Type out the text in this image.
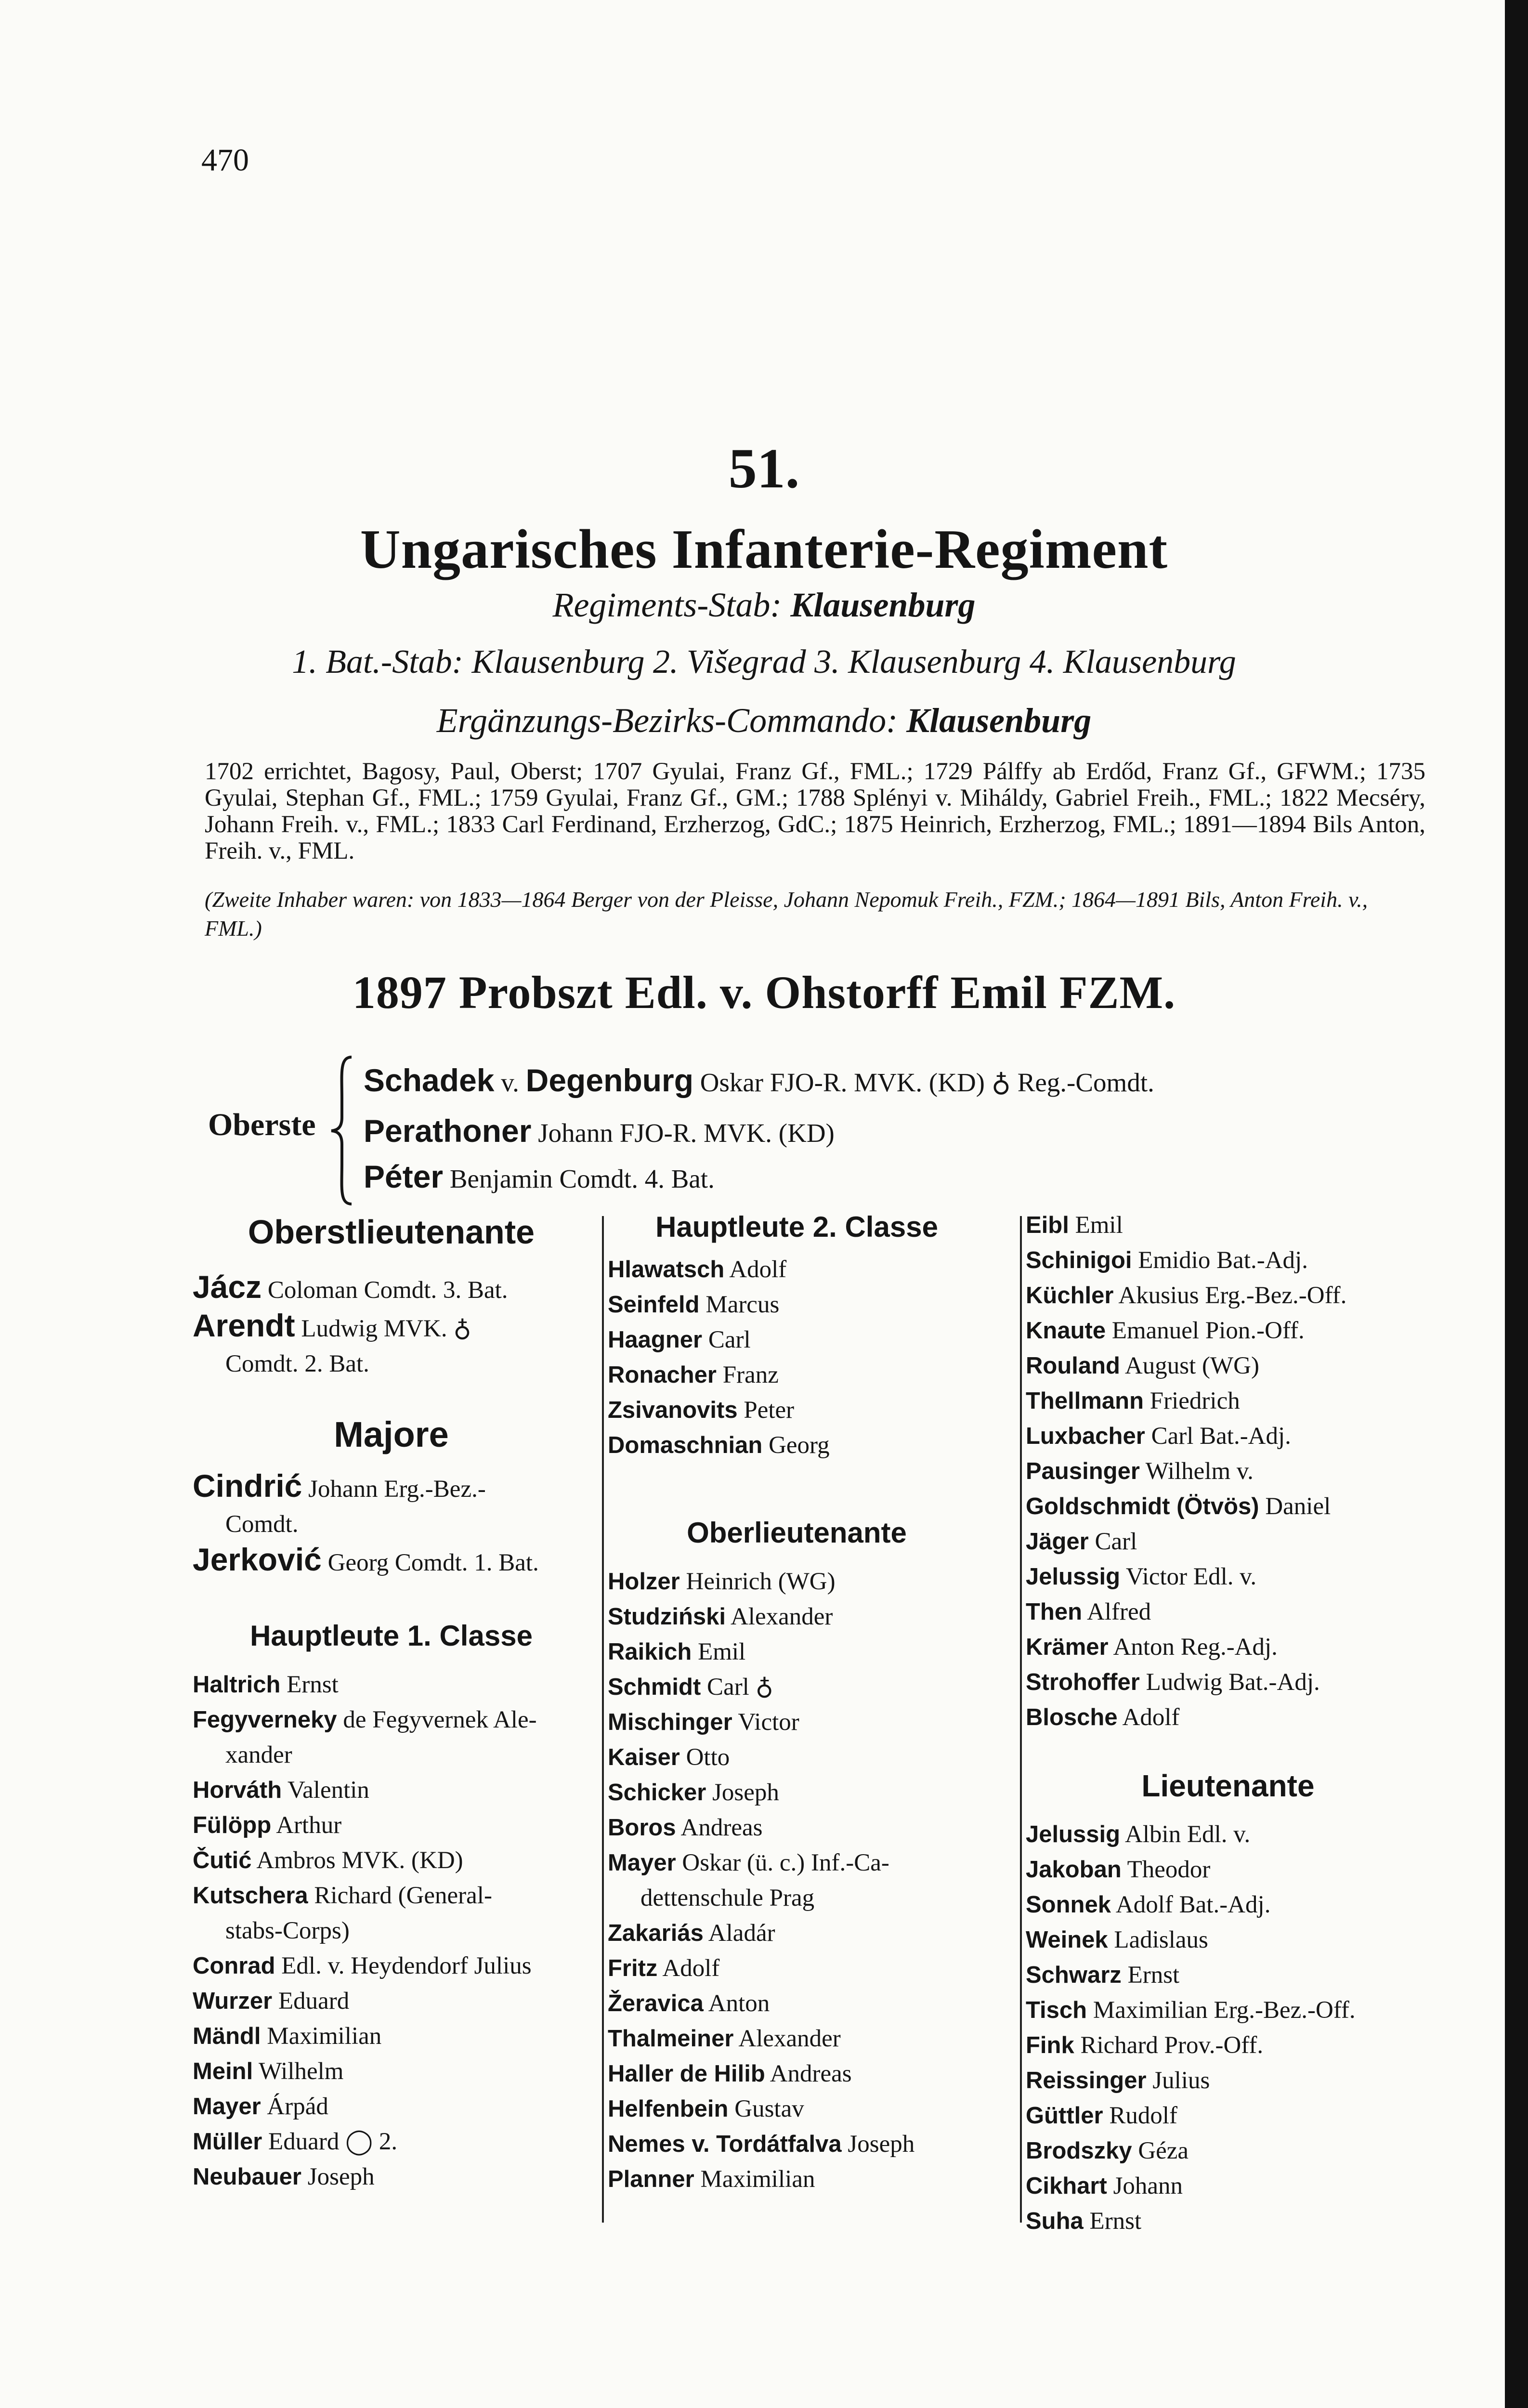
470
51.
Ungarisches Infanterie-Regiment
Regiments-Stab: Klausenburg
1. Bat.-Stab: Klausenburg 2. Višegrad 3. Klausenburg 4. Klausenburg
Ergänzungs-Bezirks-Commando: Klausenburg
1702 errichtet, Bagosy, Paul, Oberst; 1707 Gyulai, Franz Gf., FML.; 1729 Pálffy ab Erdőd, Franz Gf., GFWM.; 1735 Gyulai, Stephan Gf., FML.; 1759 Gyulai, Franz Gf., GM.; 1788 Splényi v. Miháldy, Gabriel Freih., FML.; 1822 Mecséry, Johann Freih. v., FML.; 1833 Carl Ferdinand, Erzherzog, GdC.; 1875 Heinrich, Erzherzog, FML.; 1891—1894 Bils Anton, Freih. v., FML.
(Zweite Inhaber waren: von 1833—1864 Berger von der Pleisse, Johann Nepomuk Freih., FZM.; 1864—1891 Bils, Anton Freih. v., FML.)
1897 Probszt Edl. v. Ohstorff Emil FZM.
Oberste
Schadek v. Degenburg Oskar FJO-R. MVK. (KD) ♁ Reg.-Comdt.
Perathoner Johann FJO-R. MVK. (KD)
Péter Benjamin Comdt. 4. Bat.
Oberstlieutenante

Jácz Coloman Comdt. 3. Bat.

Arendt Ludwig MVK. ♁

Comdt. 2. Bat.

Majore

Cindrić Johann Erg.-Bez.-

Comdt.

Jerković Georg Comdt. 1. Bat.

Hauptleute 1. Classe

Haltrich Ernst

Fegyverneky de Fegyvernek Ale-

xander

Horváth Valentin

Fülöpp Arthur

Čutić Ambros MVK. (KD)

Kutschera Richard (General-

stabs-Corps)

Conrad Edl. v. Heydendorf Julius

Wurzer Eduard

Mändl Maximilian

Meinl Wilhelm

Mayer Árpád

Müller Eduard ◯ 2.

Neubauer Joseph

Hauptleute 2. Classe

Hlawatsch Adolf

Seinfeld Marcus

Haagner Carl

Ronacher Franz

Zsivanovits Peter

Domaschnian Georg

Oberlieutenante

Holzer Heinrich (WG)

Studziński Alexander

Raikich Emil

Schmidt Carl ♁

Mischinger Victor

Kaiser Otto

Schicker Joseph

Boros Andreas

Mayer Oskar (ü. c.) Inf.-Ca-

dettenschule Prag

Zakariás Aladár

Fritz Adolf

Žeravica Anton

Thalmeiner Alexander

Haller de Hilib Andreas

Helfenbein Gustav

Nemes v. Tordátfalva Joseph

Planner Maximilian

Eibl Emil

Schinigoi Emidio Bat.-Adj.

Küchler Akusius Erg.-Bez.-Off.

Knaute Emanuel Pion.-Off.

Rouland August (WG)

Thellmann Friedrich

Luxbacher Carl Bat.-Adj.

Pausinger Wilhelm v.

Goldschmidt (Ötvös) Daniel

Jäger Carl

Jelussig Victor Edl. v.

Then Alfred

Krämer Anton Reg.-Adj.

Strohoffer Ludwig Bat.-Adj.

Blosche Adolf

Lieutenante

Jelussig Albin Edl. v.

Jakoban Theodor

Sonnek Adolf Bat.-Adj.

Weinek Ladislaus

Schwarz Ernst

Tisch Maximilian Erg.-Bez.-Off.

Fink Richard Prov.-Off.

Reissinger Julius

Güttler Rudolf

Brodszky Géza

Cikhart Johann

Suha Ernst
